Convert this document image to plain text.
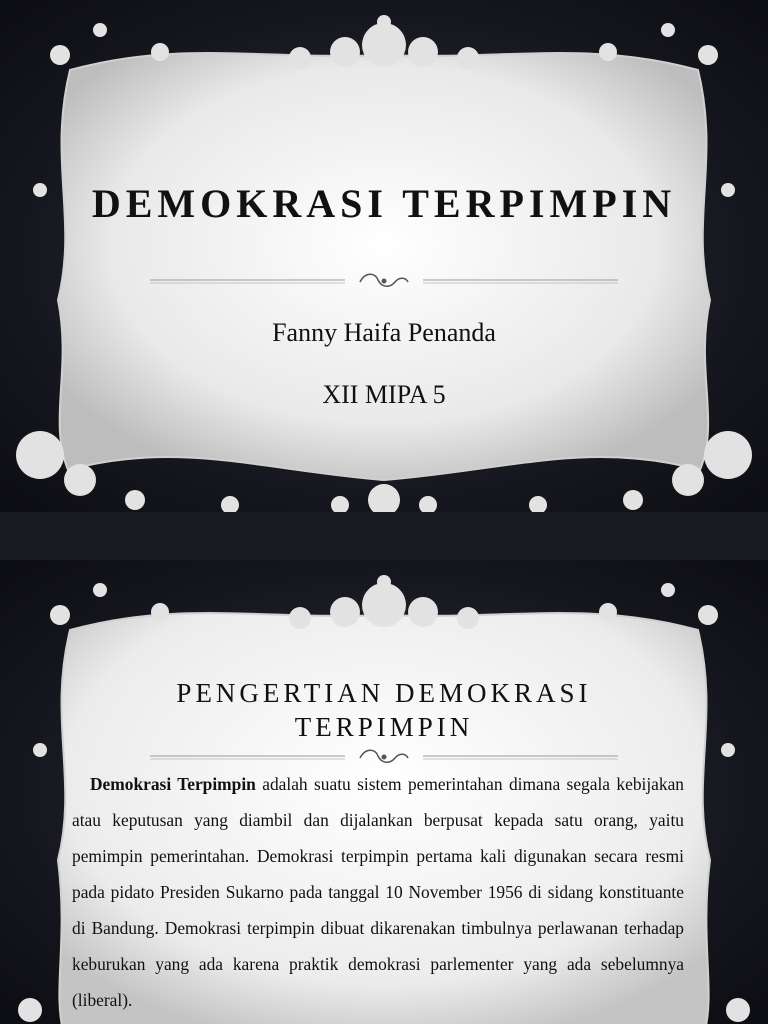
DEMOKRASI TERPIMPIN
Fanny Haifa Penanda
XII MIPA 5
PENGERTIAN DEMOKRASI
TERPIMPIN
Demokrasi Terpimpin adalah suatu sistem pemerintahan dimana segala kebijakan atau keputusan yang diambil dan dijalankan berpusat kepada satu orang, yaitu pemimpin pemerintahan. Demokrasi terpimpin pertama kali digunakan secara resmi pada pidato Presiden Sukarno pada tanggal 10 November 1956 di sidang konstituante di Bandung. Demokrasi terpimpin dibuat dikarenakan timbulnya perlawanan terhadap keburukan yang ada karena praktik demokrasi parlementer yang ada sebelumnya (liberal).
